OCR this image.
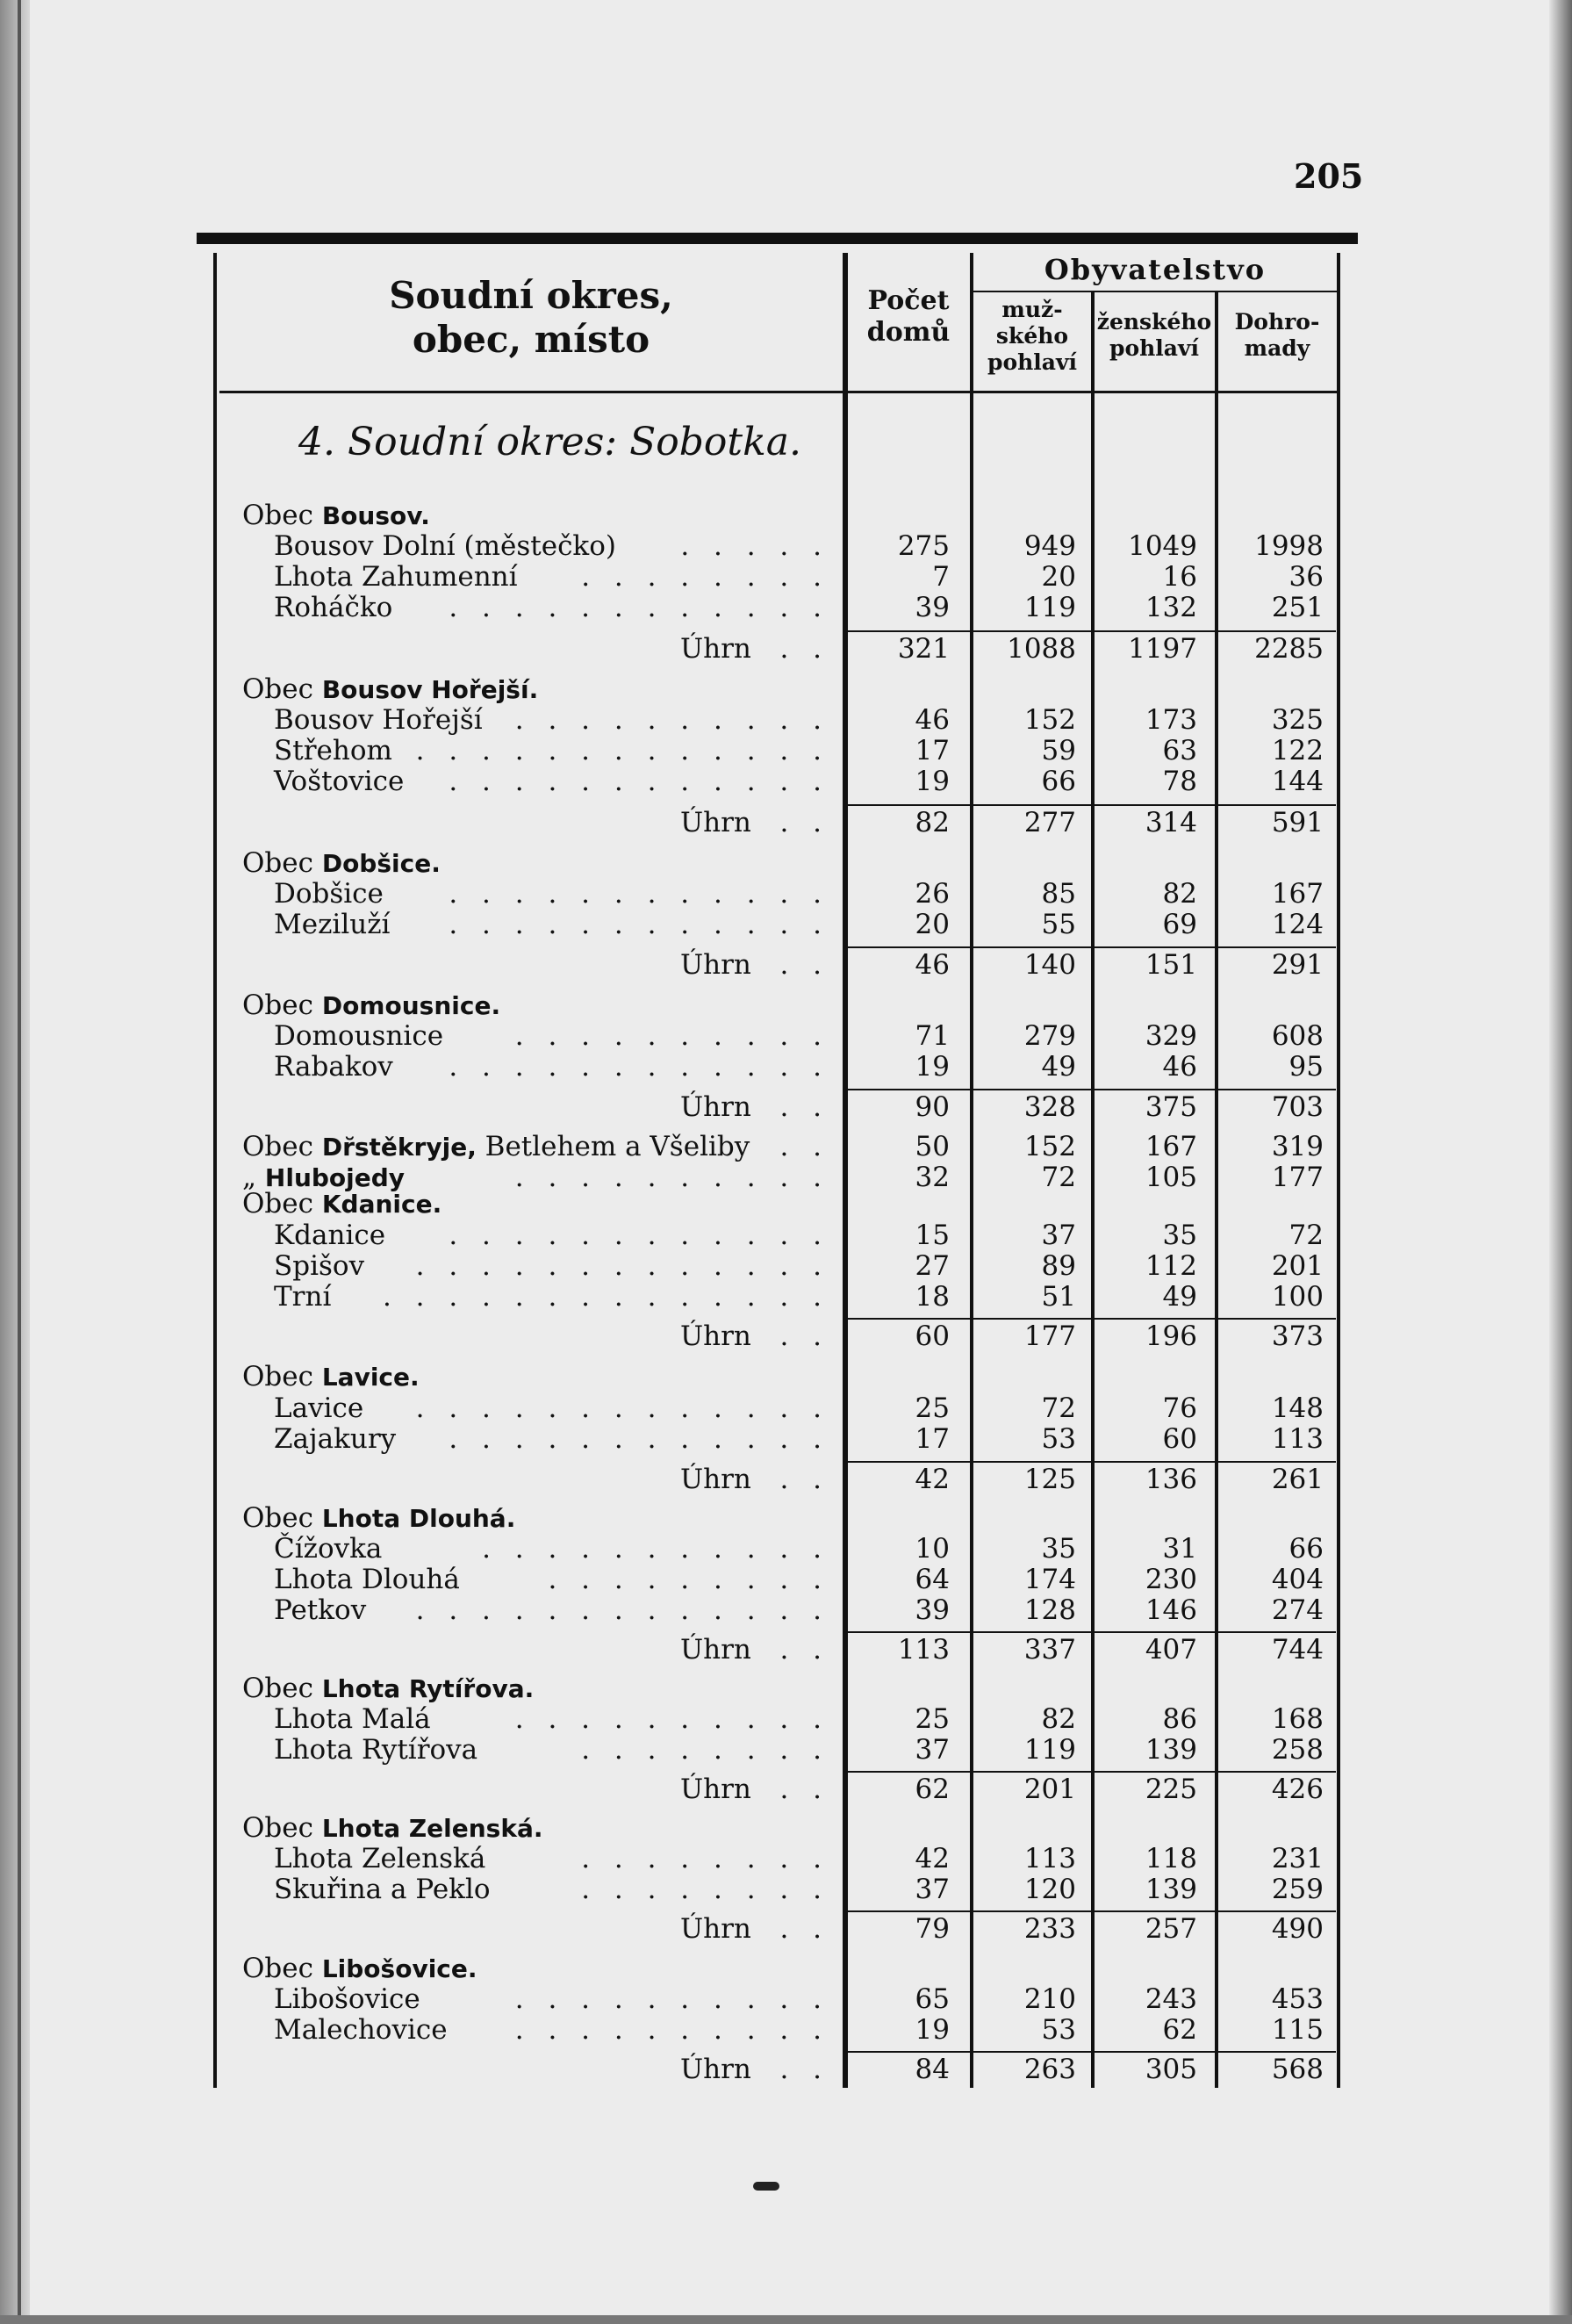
205
Soudní okres,
obec, místo
Počet
domů
Obyvatelstvo
muž-
ského
pohlaví
ženského
pohlaví
Dohro-
mady
4. Soudní okres: Sobotka.
Obec Bousov.
Bousov Dolní (městečko) . . . . .	275	949	1049	1998
Lhota Zahumenní . . . . . . . .	7	20	16	36
Roháčko . . . . . . . . . . . .	39	119	132	251
Úhrn . .	321	1088	1197	2285
Obec Bousov Hořejší.
Bousov Hořejší . . . . . . . . . .	46	152	173	325
Střehom . . . . . . . . . . . . .	17	59	63	122
Voštovice . . . . . . . . . . . .	19	66	78	144
Úhrn . .	82	277	314	591
Obec Dobšice.
Dobšice . . . . . . . . . . . .	26	85	82	167
Meziluží . . . . . . . . . . . .	20	55	69	124
Úhrn . .	46	140	151	291
Obec Domousnice.
Domousnice	. . . . . . . . . .	71	279	329	608
Rabakov . . . . . . . . . . . .	19	49	46	95
Úhrn . .	90	328	375	703
Obec Dr̆stěkryje, Betlehem a Všeliby . .	50	152	167	319
„ Hlubojedy	. . . . . . . . . .	32	72	105	177
Obec Kdanice.
Kdanice . . . . . . . . . . . .	15	37	35	72
Spišov . . . . . . . . . . . . .	27	89	112	201
Trní . . . . . . . . . . . . . .	18	51	49	100
Úhrn . .	60	177	196	373
Obec Lavice.
Lavice . . . . . . . . . . . . .	25	72	76	148
Zajakury . . . . . . . . . . . .	17	53	60	113
Úhrn . .	42	125	136	261
Obec Lhota Dlouhá.
Čížovka	. . . . . . . . . . .	10	35	31	66
Lhota Dlouhá	. . . . . . . . .	64	174	230	404
Petkov . . . . . . . . . . . . .	39	128	146	274
Úhrn . .	113	337	407	744
Obec Lhota Rytířova.
Lhota Malá	. . . . . . . . . .	25	82	86	168
Lhota Rytířova	. . . . . . . .	37	119	139	258
Úhrn . .	62	201	225	426
Obec Lhota Zelenská.
Lhota Zelenská	. . . . . . . .	42	113	118	231
Skuřina a Peklo	. . . . . . . .	37	120	139	259
Úhrn . .	79	233	257	490
Obec Libošovice.
Libošovice	. . . . . . . . . .	65	210	243	453
Malechovice . . . . . . . . . .	19	53	62	115
Úhrn . .	84	263	305	568
